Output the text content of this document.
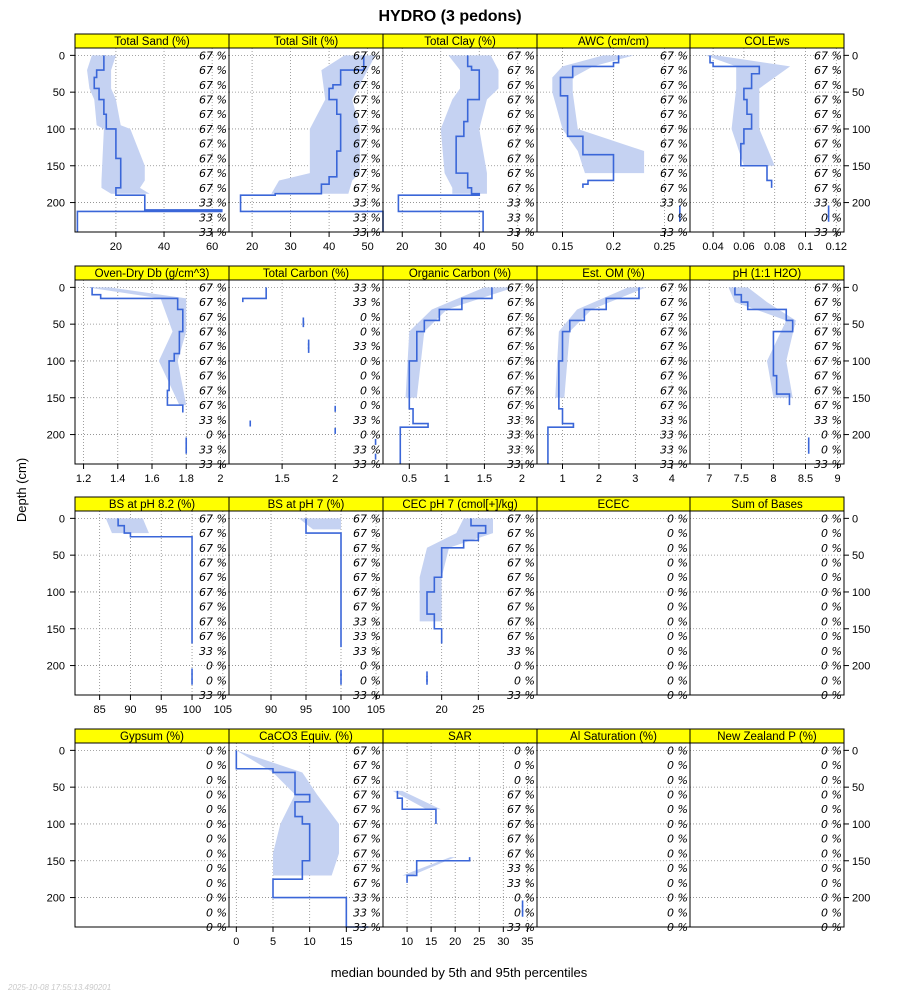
HYDRO (3 pedons)
Depth (cm)
median bounded by 5th and 95th percentiles
2025-10-08 17:55:13.490201
Total Sand (%)
67 %
67 %
67 %
67 %
67 %
67 %
67 %
67 %
67 %
67 %
33 %
33 %
33 %
20	40	60
0
50
100
150
200
Total Silt (%)
67 %
67 %
67 %
67 %
67 %
67 %
67 %
67 %
67 %
67 %
33 %
33 %
33 %
20 30 40 50
Total Clay (%)
67 %
67 %
67 %
67 %
67 %
67 %
67 %
67 %
67 %
67 %
33 %
33 %
33 %
20 30 40 50
AWC (cm/cm)
67 %
67 %
67 %
67 %
67 %
67 %
67 %
67 %
67 %
67 %
33 %
0 %
33 %
0.15	0.2	0.25
COLEws
67 %
67 %
67 %
67 %
67 %
67 %
67 %
67 %
67 %
67 %
33 %
0 %
33 %
0.04 0.06 0.08 0.1 0.12
0
50
100
150
200
Oven-Dry Db (g/cm^3)
67 %
67 %
67 %
67 %
67 %
67 %
67 %
67 %
67 %
33 %
0 %
33 %
33 %
1.2 1.4 1.6 1.8 2
0
50
100
150
200
Total Carbon (%)
33 %
33 %
0 %
0 %
33 %
0 %
0 %
0 %
0 %
33 %
0 %
33 %
33 %
1.5	2
Organic Carbon (%)
67 %
67 %
67 %
67 %
67 %
67 %
67 %
67 %
67 %
33 %
33 %
33 %
33 %
0.5 1 1.5 2
Est. OM (%)
67 %
67 %
67 %
67 %
67 %
67 %
67 %
67 %
67 %
33 %
33 %
33 %
33 %
1	2	3	4
pH (1:1 H2O)
67 %
67 %
67 %
67 %
67 %
67 %
67 %
67 %
67 %
33 %
0 %
0 %
33 %
7 7.5 8 8.5 9
0
50
100
150
200
BS at pH 8.2 (%)
67 %
67 %
67 %
67 %
67 %
67 %
67 %
67 %
67 %
33 %
0 %
0 %
33 %
85 90 95 100 105
0
50
100
150
200
BS at pH 7 (%)
67 %
67 %
67 %
67 %
67 %
67 %
67 %
33 %
33 %
33 %
0 %
0 %
33 %
90 95 100 105
CEC pH 7 (cmol[+]/kg)
67 %
67 %
67 %
67 %
67 %
67 %
67 %
67 %
67 %
33 %
0 %
0 %
33 %
20 25
ECEC
0 %
0 %
0 %
0 %
0 %
0 %
0 %
0 %
0 %
0 %
0 %
0 %
0 %
Sum of Bases
0 %
0 %
0 %
0 %
0 %
0 %
0 %
0 %
0 %
0 %
0 %
0 %
0 %
0
50
100
150
200
Gypsum (%)
0 %
0 %
0 %
0 %
0 %
0 %
0 %
0 %
0 %
0 %
0 %
0 %
0 %
0
50
100
150
200
CaCO3 Equiv. (%)
67 %
67 %
67 %
67 %
67 %
67 %
67 %
67 %
67 %
67 %
33 %
33 %
33 %
0	5 10 15
SAR
0 %
0 %
0 %
67 %
67 %
67 %
67 %
67 %
33 %
33 %
0 %
0 %
33 %
10 15 20 25 30 35
Al Saturation (%)
0 %
0 %
0 %
0 %
0 %
0 %
0 %
0 %
0 %
0 %
0 %
0 %
0 %
New Zealand P (%)
0 %
0 %
0 %
0 %
0 %
0 %
0 %
0 %
0 %
0 %
0 %
0 %
0 %
0
50
100
150
200
